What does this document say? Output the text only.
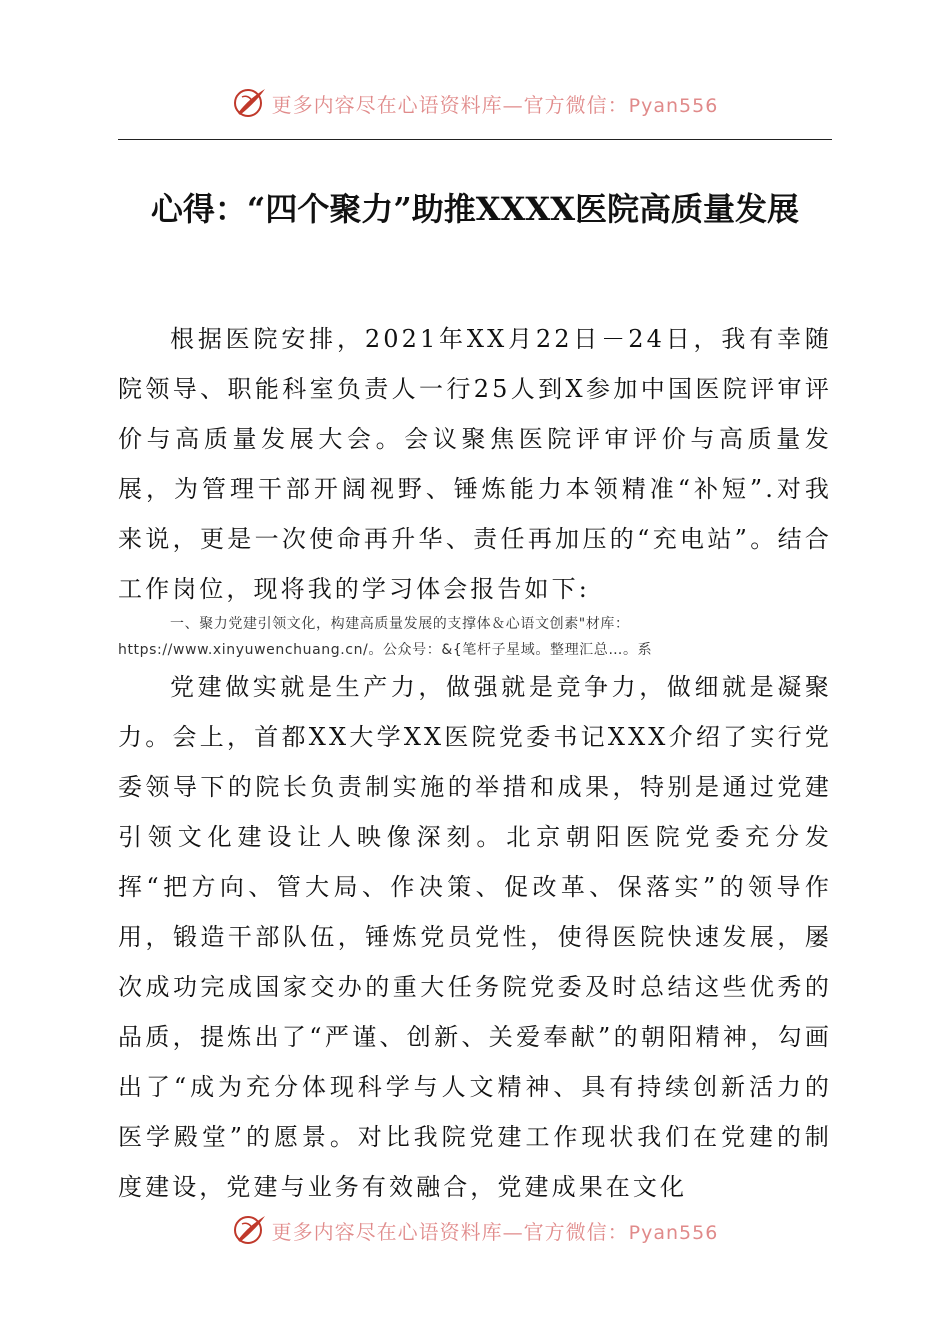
更多内容尽在心语资料库—官方微信：Pyan556
心得：“四个聚力”助推XXXX医院高质量发展

根据医院安排，2021年XX月22日－24日，我有幸随院领导、职能科室负责人一行25人到X参加中国医院评审评价与高质量发展大会。会议聚焦医院评审评价与高质量发展，为管理干部开阔视野、锤炼能力本领精准“补短”.对我来说，更是一次使命再升华、责任再加压的“充电站”。结合工作岗位，现将我的学习体会报告如下:

一、聚力党建引领文化，构建高质量发展的支撑体＆心语文创素"材库：https://www.xinyuwenchuang.cn/。公众号：&{笔杆子星域。整理汇总…。系

党建做实就是生产力，做强就是竞争力，做细就是凝聚力。会上，首都XX大学XX医院党委书记XXX介绍了实行党委领导下的院长负责制实施的举措和成果，特别是通过党建引领文化建设让人映像深刻。北京朝阳医院党委充分发挥“把方向、管大局、作决策、促改革、保落实”的领导作用，锻造干部队伍，锤炼党员党性，使得医院快速发展，屡次成功完成国家交办的重大任务院党委及时总结这些优秀的品质，提炼出了“严谨、创新、关爱奉献”的朝阳精神，勾画出了“成为充分体现科学与人文精神、具有持续创新活力的医学殿堂”的愿景。对比我院党建工作现状我们在党建的制度建设，党建与业务有效融合，党建成果在文化

更多内容尽在心语资料库—官方微信：Pyan556
